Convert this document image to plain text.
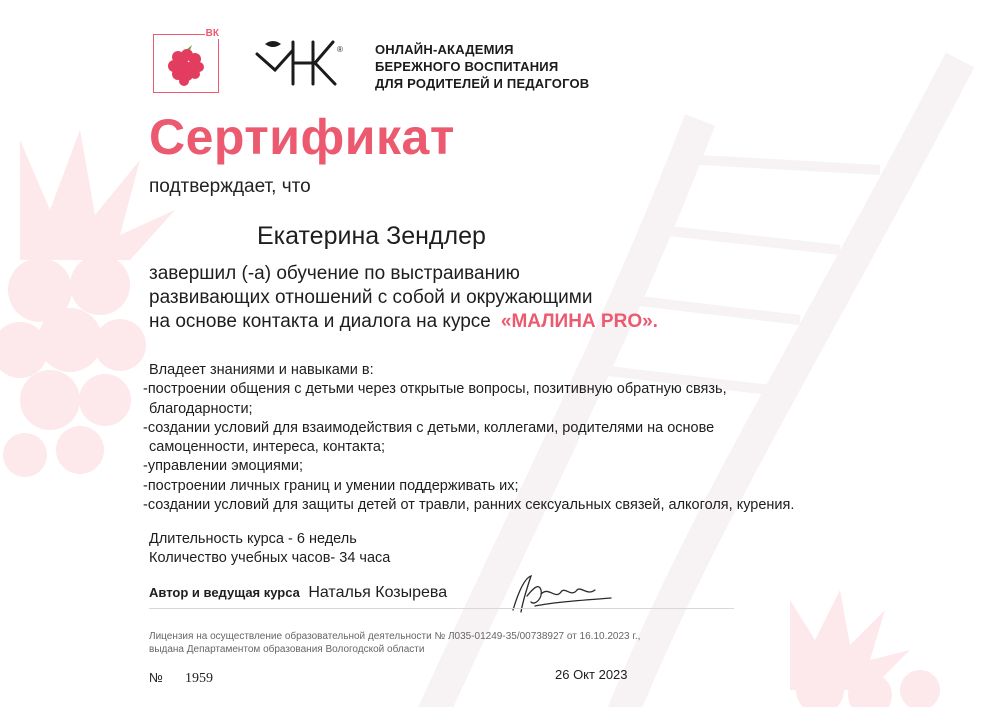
ВК
® ОНЛАЙН-АКАДЕМИЯ
БЕРЕЖНОГО ВОСПИТАНИЯ
ДЛЯ РОДИТЕЛЕЙ И ПЕДАГОГОВ
Сертификат
подтверждает, что
Екатерина Зендлер
завершил (-а) обучение по выстраиванию
развивающих отношений с собой и окружающими
на основе контакта и диалога на курсе «МАЛИНА PRO».
Владеет знаниями и навыками в:
-построении общения с детьми через открытые вопросы, позитивную обратную связь,
благодарности;
-создании условий для взаимодействия с детьми, коллегами, родителями на основе
самоценности, интереса, контакта;
-управлении эмоциями;
-построении личных границ и умении поддерживать их;
-создании условий для защиты детей от травли, ранних сексуальных связей, алкоголя, курения.
Длительность курса - 6 недель
Количество учебных часов- 34 часа
Автор и ведущая курса Наталья Козырева
Лицензия на осуществление образовательной деятельности № Л035-01249-35/00738927 от 16.10.2023 г.,
выдана Департаментом образования Вологодской области
№ 1959	26 Окт 2023
